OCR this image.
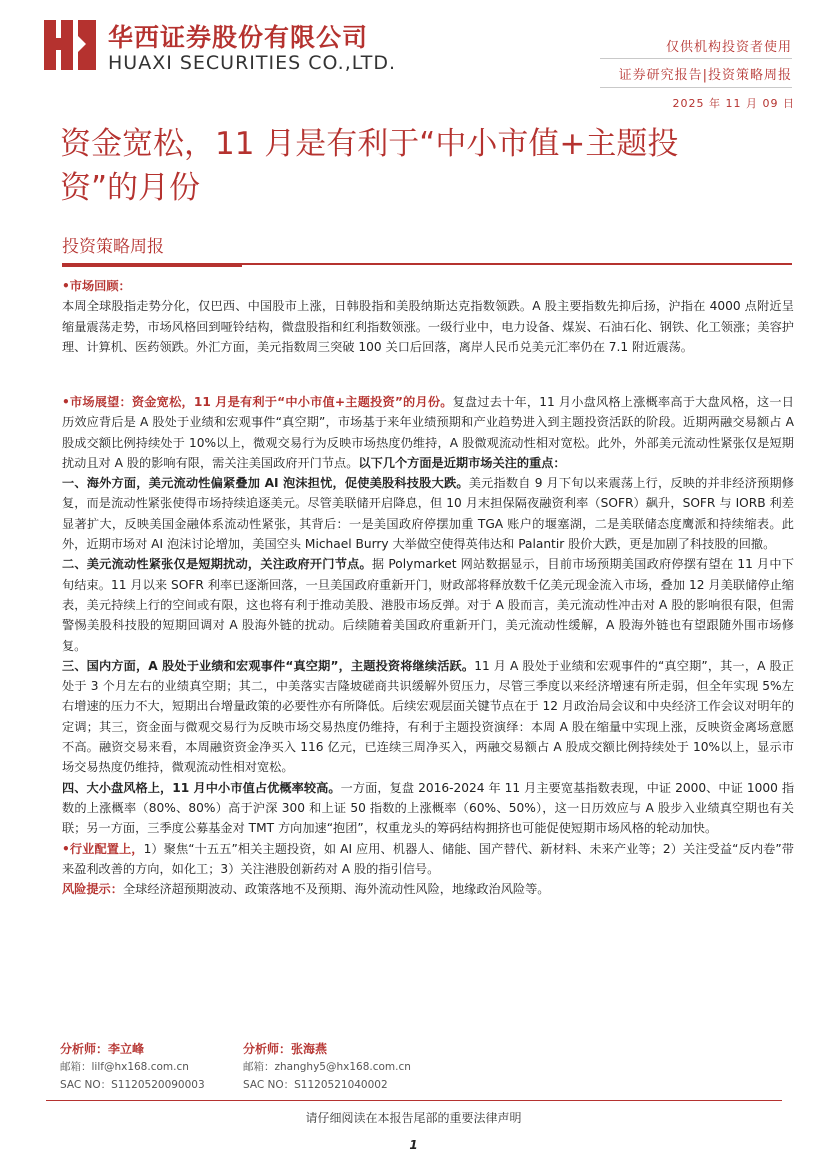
华西证券股份有限公司
HUAXI SECURITIES CO.,LTD.
仅供机构投资者使用
证券研究报告|投资策略周报
2025 年 11 月 09 日
资金宽松，11 月是有利于“中小市值+主题投
资”的月份
投资策略周报

•市场回顾：

本周全球股指走势分化，仅巴西、中国股市上涨，日韩股指和美股纳斯达克指数领跌。A 股主要指数先抑后扬，沪指在 4000 点附近呈缩量震荡走势，市场风格回到哑铃结构，微盘股指和红利指数领涨。一级行业中，电力设备、煤炭、石油石化、钢铁、化工领涨；美容护理、计算机、医药领跌。外汇方面，美元指数周三突破 100 关口后回落，离岸人民币兑美元汇率仍在 7.1 附近震荡。

•市场展望：资金宽松，11 月是有利于“中小市值+主题投资”的月份。复盘过去十年，11 月小盘风格上涨概率高于大盘风格，这一日历效应背后是 A 股处于业绩和宏观事件“真空期”，市场基于来年业绩预期和产业趋势进入到主题投资活跃的阶段。近期两融交易额占 A 股成交额比例持续处于 10%以上，微观交易行为反映市场热度仍维持，A 股微观流动性相对宽松。此外，外部美元流动性紧张仅是短期扰动且对 A 股的影响有限，需关注美国政府开门节点。以下几个方面是近期市场关注的重点：

一、海外方面，美元流动性偏紧叠加 AI 泡沫担忧，促使美股科技股大跌。美元指数自 9 月下旬以来震荡上行，反映的并非经济预期修复，而是流动性紧张使得市场持续追逐美元。尽管美联储开启降息，但 10 月末担保隔夜融资利率（SOFR）飙升，SOFR 与 IORB 利差显著扩大，反映美国金融体系流动性紧张，其背后：一是美国政府停摆加重 TGA 账户的堰塞湖，二是美联储态度鹰派和持续缩表。此外，近期市场对 AI 泡沫讨论增加，美国空头 Michael Burry 大举做空使得英伟达和 Palantir 股价大跌，更是加剧了科技股的回撤。

二、美元流动性紧张仅是短期扰动，关注政府开门节点。据 Polymarket 网站数据显示，目前市场预期美国政府停摆有望在 11 月中下旬结束。11 月以来 SOFR 利率已逐渐回落，一旦美国政府重新开门，财政部将释放数千亿美元现金流入市场，叠加 12 月美联储停止缩表，美元持续上行的空间或有限，这也将有利于推动美股、港股市场反弹。对于 A 股而言，美元流动性冲击对 A 股的影响很有限，但需警惕美股科技股的短期回调对 A 股海外链的扰动。后续随着美国政府重新开门，美元流动性缓解，A 股海外链也有望跟随外围市场修复。

三、国内方面，A 股处于业绩和宏观事件“真空期”，主题投资将继续活跃。11 月 A 股处于业绩和宏观事件的“真空期”，其一，A 股正处于 3 个月左右的业绩真空期；其二，中美落实吉隆坡磋商共识缓解外贸压力，尽管三季度以来经济增速有所走弱，但全年实现 5%左右增速的压力不大，短期出台增量政策的必要性亦有所降低。后续宏观层面关键节点在于 12 月政治局会议和中央经济工作会议对明年的定调；其三，资金面与微观交易行为反映市场交易热度仍维持，有利于主题投资演绎：本周 A 股在缩量中实现上涨，反映资金离场意愿不高。融资交易来看，本周融资资金净买入 116 亿元，已连续三周净买入，两融交易额占 A 股成交额比例持续处于 10%以上，显示市场交易热度仍维持，微观流动性相对宽松。

四、大小盘风格上，11 月中小市值占优概率较高。一方面，复盘 2016-2024 年 11 月主要宽基指数表现，中证 2000、中证 1000 指数的上涨概率（80%、80%）高于沪深 300 和上证 50 指数的上涨概率（60%、50%），这一日历效应与 A 股步入业绩真空期也有关联；另一方面，三季度公募基金对 TMT 方向加速“抱团”，权重龙头的筹码结构拥挤也可能促使短期市场风格的轮动加快。

•行业配置上，1）聚焦“十五五”相关主题投资，如 AI 应用、机器人、储能、国产替代、新材料、未来产业等；2）关注受益“反内卷”带来盈利改善的方向，如化工；3）关注港股创新药对 A 股的指引信号。

风险提示：全球经济超预期波动、政策落地不及预期、海外流动性风险，地缘政治风险等。

分析师：李立峰
邮箱：lilf@hx168.com.cn
SAC NO：S1120520090003
分析师：张海燕
邮箱：zhanghy5@hx168.com.cn
SAC NO：S1120521040002
请仔细阅读在本报告尾部的重要法律声明
1
